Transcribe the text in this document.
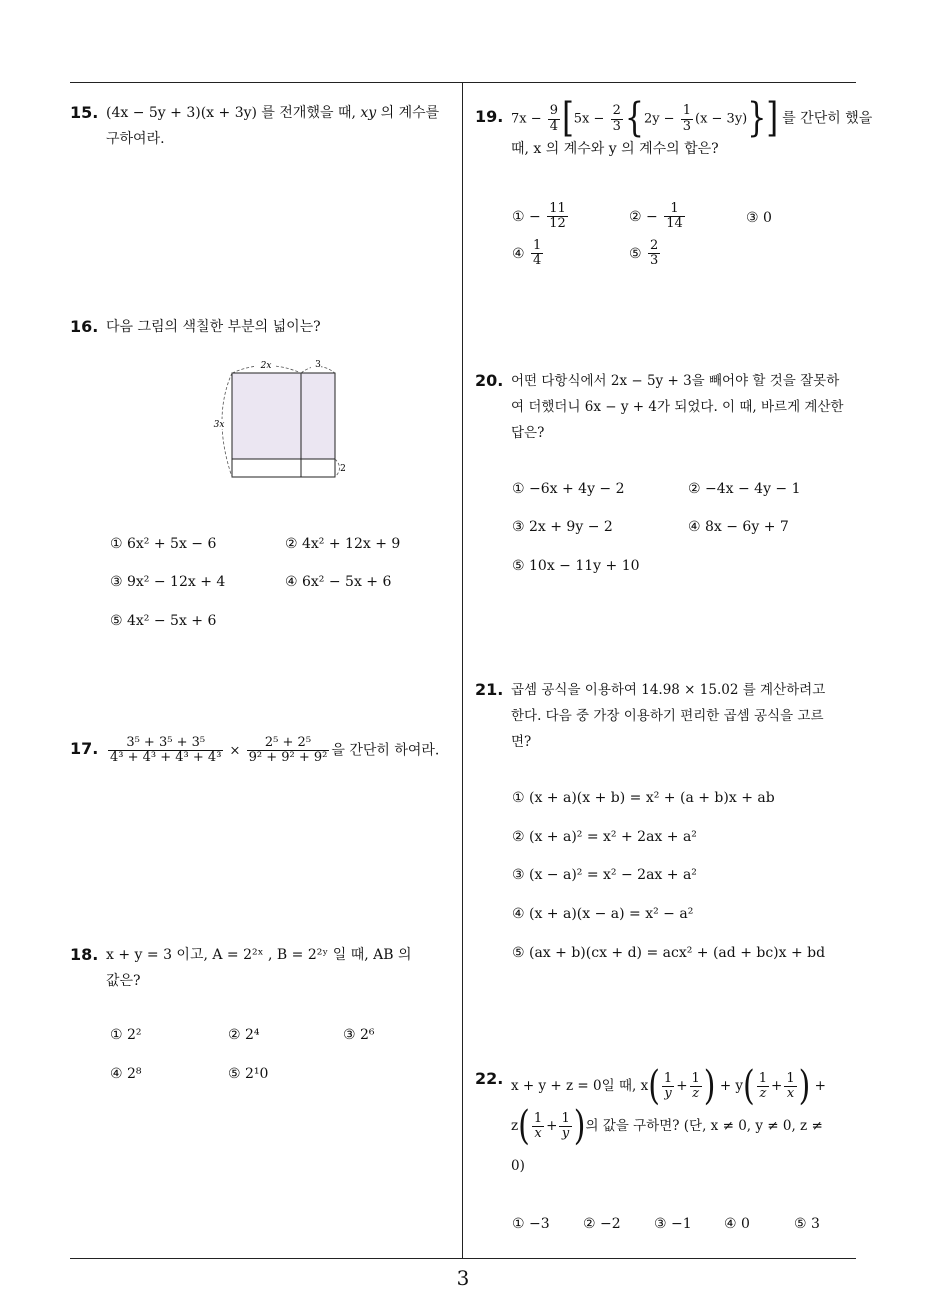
3
15. (4x − 5y + 3)(x + 3y) 를 전개했을 때, xy 의 계수를
구하여라.
16. 다음 그림의 색칠한 부분의 넓이는?
2x	3
3x
2
① 6x² + 5x − 6	② 4x² + 12x + 9
③ 9x² − 12x + 4	④ 6x² − 5x + 6
⑤ 4x² − 5x + 6
17. $\frac{\text{3⁵ + 3⁵ + 3⁵}}{\text{4³ + 4³ + 4³ + 4³}} \times \frac{\text{2⁵ + 2⁵}}{\text{9² + 9² + 9²}}$ 을 간단히 하여라.
18. x + y = 3 이고, A = 2²ˣ , B = 2²ʸ 일 때, AB 의
값은?
① 2²	② 2⁴	③ 2⁶
④ 2⁸	⑤ 2¹0
19. $7x - \frac{9}{4} [5x - \frac{2}{3} \{2y - \frac{1}{3} (x - 3y)\}]$ 를 간단히 했을
때, x 의 계수와 y 의 계수의 합은?
① − $\frac{11}{12}$	② − $\frac{1}{14}$	③ 0
④ $\frac{1}{4}$	⑤ $\frac{2}{3}$
20. 어떤 다항식에서 2x − 5y + 3을 빼어야 할 것을 잘못하
여 더했더니 6x − y + 4가 되었다. 이 때, 바르게 계산한
답은?
① −6x + 4y − 2	② −4x − 4y − 1
③ 2x + 9y − 2	④ 8x − 6y + 7
⑤ 10x − 11y + 10
21. 곱셈 공식을 이용하여 14.98 × 15.02 를 계산하려고
한다. 다음 중 가장 이용하기 편리한 곱셈 공식을 고르
면?
① (x + a)(x + b) = x² + (a + b)x + ab
② (x + a)² = x² + 2ax + a²
③ (x − a)² = x² − 2ax + a²
④ (x + a)(x − a) = x² − a²
⑤ (ax + b)(cx + d) = acx² + (ad + bc)x + bd
22. x + y + z = 0일 때, $x( \frac{1}{y} + \frac{1}{z}) + y( \frac{1}{z} + \frac{1}{x})$ +
$z( \frac{1}{x} + \frac{1}{y})$의 값을 구하면? (단, x ≠ 0, y ≠ 0, z ≠
0)
① −3 ② −2 ③ −1 ④ 0	⑤ 3
